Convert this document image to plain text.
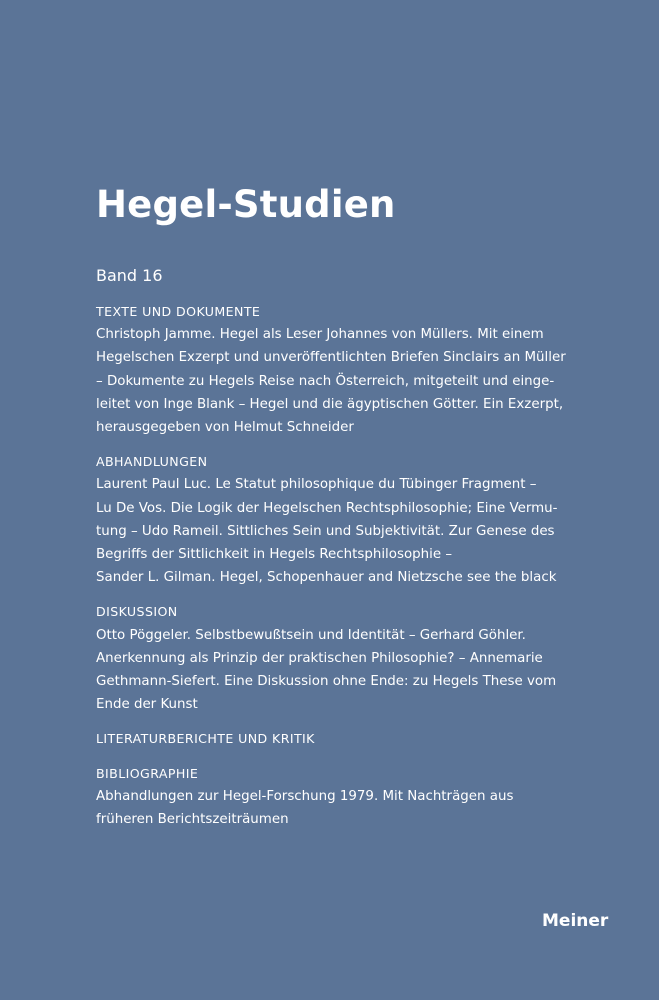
Hegel-Studien
Band 16
TEXTE UND DOKUMENTE
Christoph Jamme. Hegel als Leser Johannes von Müllers. Mit einem
Hegelschen Exzerpt und unveröffentlichten Briefen Sinclairs an Müller
– Dokumente zu Hegels Reise nach Österreich, mitgeteilt und einge-
leitet von Inge Blank – Hegel und die ägyptischen Götter. Ein Exzerpt,
herausgegeben von Helmut Schneider
ABHANDLUNGEN
Laurent Paul Luc. Le Statut philosophique du Tübinger Fragment –
Lu De Vos. Die Logik der Hegelschen Rechtsphilosophie; Eine Vermu-
tung – Udo Rameil. Sittliches Sein und Subjektivität. Zur Genese des
Begriffs der Sittlichkeit in Hegels Rechtsphilosophie –
Sander L. Gilman. Hegel, Schopenhauer and Nietzsche see the black
DISKUSSION
Otto Pöggeler. Selbstbewußtsein und Identität – Gerhard Göhler.
Anerkennung als Prinzip der praktischen Philosophie? – Annemarie
Gethmann-Siefert. Eine Diskussion ohne Ende: zu Hegels These vom
Ende der Kunst
LITERATURBERICHTE UND KRITIK
BIBLIOGRAPHIE
Abhandlungen zur Hegel-Forschung 1979. Mit Nachträgen aus
früheren Berichtszeiträumen
Meiner
